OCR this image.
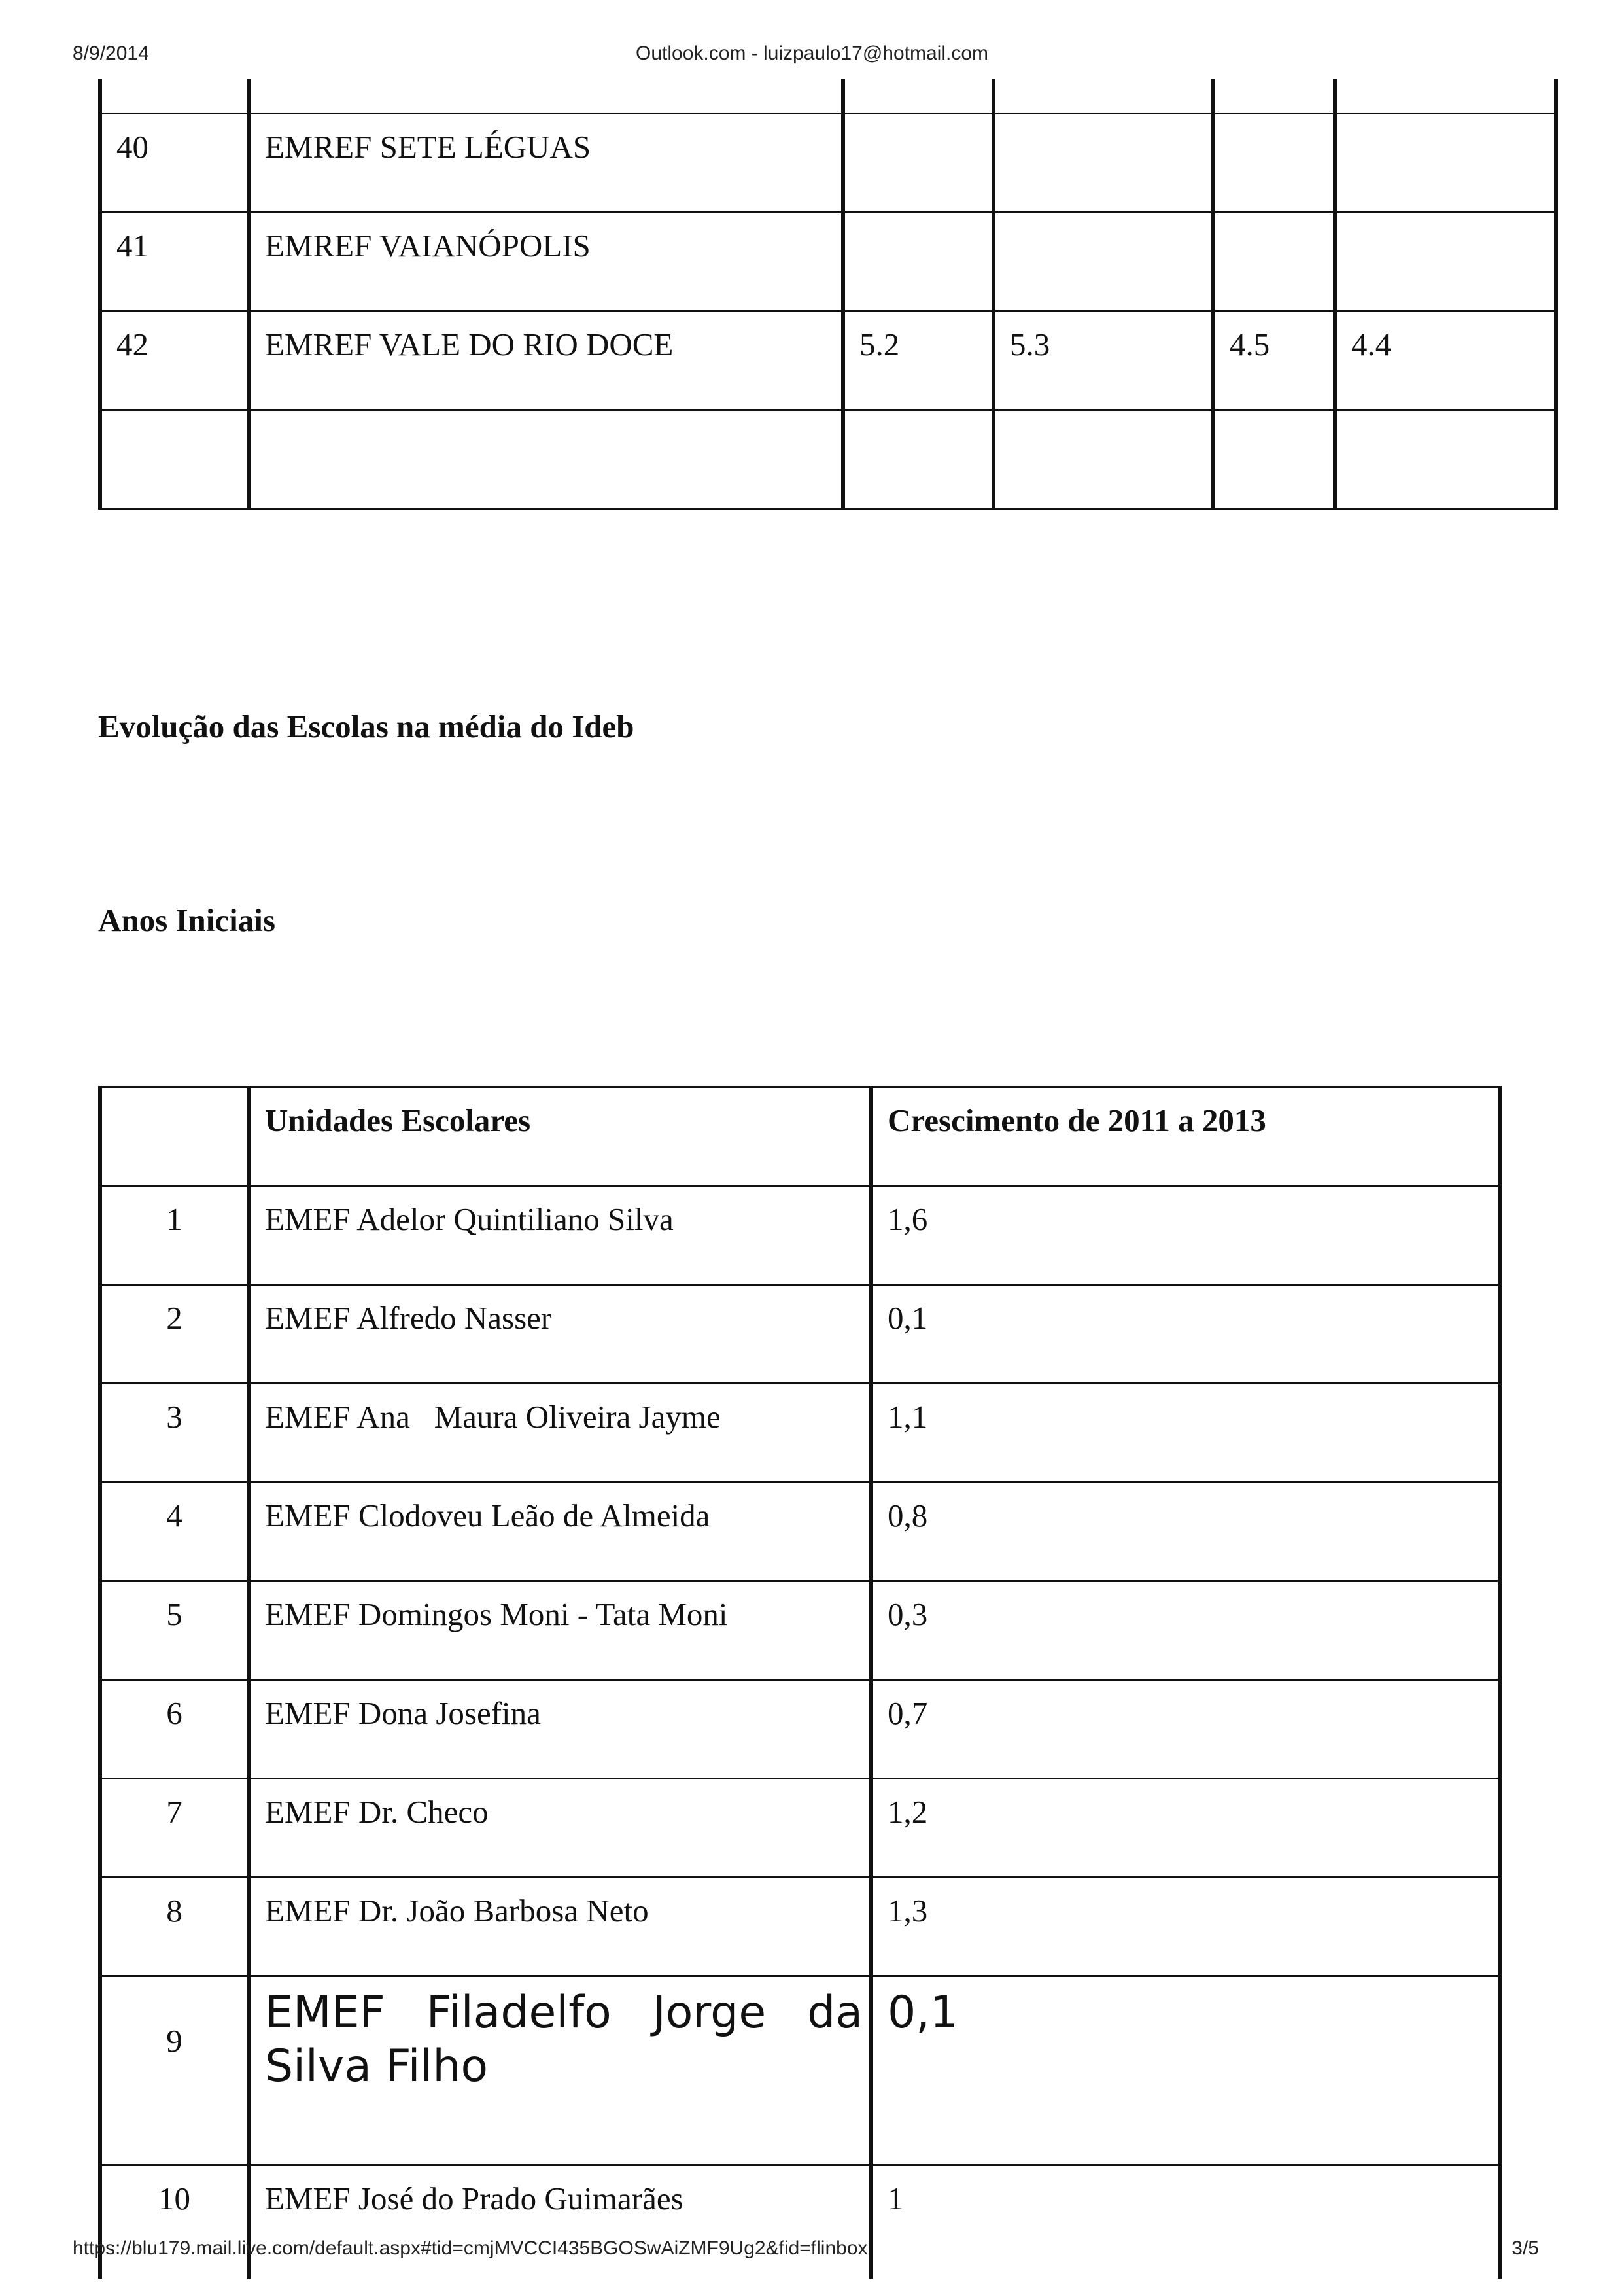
8/9/2014	Outlook.com - luizpaulo17@hotmail.com

40	EMREF SETE LÉGUAS				
41	EMREF VAIANÓPOLIS				
42	EMREF VALE DO RIO DOCE	5.2	5.3	4.5	4.4

Evolução das Escolas na média do Ideb
Anos Iniciais
	Unidades Escolares	Crescimento de 2011 a 2013
1	EMEF Adelor Quintiliano Silva	1,6
2	EMEF Alfredo Nasser	0,1
3	EMEF Ana   Maura Oliveira Jayme	1,1
4	EMEF Clodoveu Leão de Almeida	0,8
5	EMEF Domingos Moni - Tata Moni	0,3
6	EMEF Dona Josefina	0,7
7	EMEF Dr. Checo	1,2
8	EMEF Dr. João Barbosa Neto	1,3
9	EMEF Filadelfo Jorge da Silva Filho	0,1
10	EMEF José do Prado Guimarães	1
https://blu179.mail.live.com/default.aspx#tid=cmjMVCCI435BGOSwAiZMF9Ug2&fid=flinbox	3/5
